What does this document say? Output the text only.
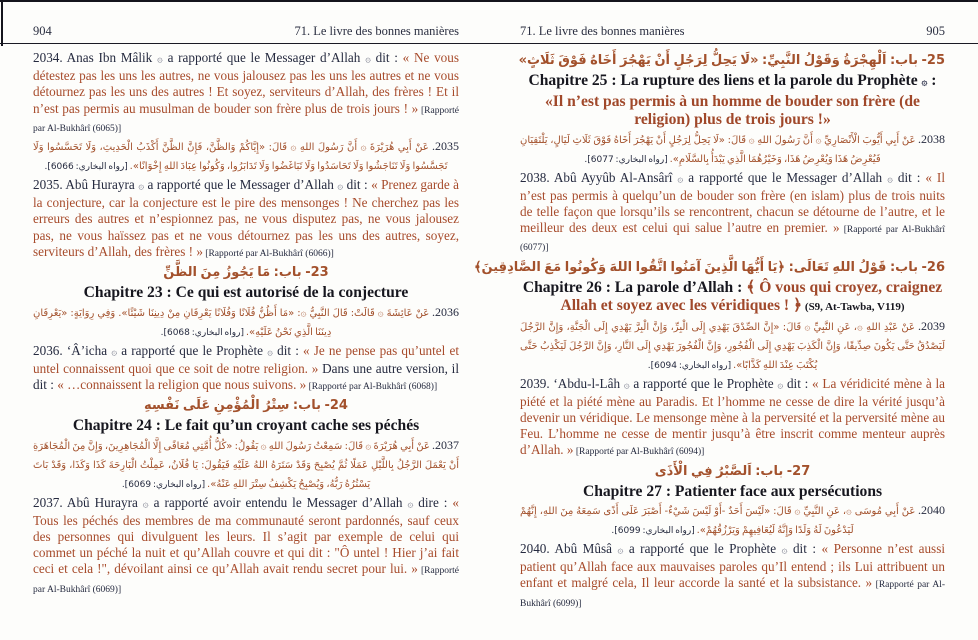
904	71. Le livre des bonnes manières

2034. Anas Ibn Mâlik ۞ a rapporté que le Messager d’Allah ۞ dit : « Ne vous détestez pas les uns les autres, ne vous jalousez pas les uns les autres et ne vous détournez pas les uns des autres ! Et soyez, serviteurs d’Allah, des frères ! Et il n’est pas permis au musulman de bouder son frère plus de trois jours ! » [Rapporté par Al-Bukhârî (6065)]

2035. عَنْ أَبِي هُرَيْرَةَ ۞ أَنَّ رَسُولَ اللهِ ۞ قَالَ: «إِيَّاكُمْ وَالظَّنَّ، فَإِنَّ الظَّنَّ أَكْذَبُ الْحَدِيثِ، وَلَا تَحَسَّسُوا وَلَا تَجَسَّسُوا وَلَا تَنَاجَشُوا وَلَا تَحَاسَدُوا وَلَا تَبَاغَضُوا وَلَا تَدَابَرُوا، وَكُونُوا عِبَادَ اللهِ إِخْوَانًا». [رواه البخاري: 6066].

2035. Abû Hurayra ۞ a rapporté que le Messager d’Allah ۞ dit : « Prenez garde à la conjecture, car la conjecture est le pire des mensonges ! Ne cherchez pas les erreurs des autres et n’espionnez pas, ne vous disputez pas, ne vous jalousez pas, ne vous haïssez pas et ne vous détournez pas les uns des autres, soyez, serviteurs d’Allah, des frères ! » [Rapporté par Al-Bukhârî (6066)]

23- باب: مَا يَجُوزُ مِنَ الظَّنِّ

Chapitre 23 : Ce qui est autorisé de la conjecture

2036. عَنْ عَائِشَةَ ۞ قَالَتْ: قَالَ النَّبِيُّ ۞: «مَا أَظُنُّ فُلَانًا وَفُلَانًا يَعْرِفَانِ مِنْ دِينِنَا شَيْئًا». وَفِي رِوَايَةٍ: «يَعْرِفَانِ دِينَنَا الَّذِي نَحْنُ عَلَيْهِ». [رواه البخاري: 6068].

2036. ‘Â’icha ۞ a rapporté que le Prophète ۞ dit : « Je ne pense pas qu’untel et untel connaissent quoi que ce soit de notre religion. » Dans une autre version, il dit : « …connaissent la religion que nous suivons. » [Rapporté par Al-Bukhârî (6068)]

24- باب: سِتْرُ الْمُؤْمِنِ عَلَى نَفْسِهِ

Chapitre 24 : Le fait qu’un croyant cache ses péchés

2037. عَنْ أَبِي هُرَيْرَةَ ۞ قَالَ: سَمِعْتُ رَسُولَ اللهِ ۞ يَقُولُ: «كُلُّ أُمَّتِي مُعَافًى إِلَّا الْمُجَاهِرِينَ، وَإِنَّ مِنَ الْمُجَاهَرَةِ أَنْ يَعْمَلَ الرَّجُلُ بِاللَّيْلِ عَمَلًا ثُمَّ يُصْبِحَ وَقَدْ سَتَرَهُ اللهُ عَلَيْهِ فَيَقُولَ: يَا فُلَانُ، عَمِلْتُ الْبَارِحَةَ كَذَا وَكَذَا، وَقَدْ بَاتَ يَسْتُرُهُ رَبُّهُ، وَيُصْبِحُ يَكْشِفُ سِتْرَ اللهِ عَنْهُ». [رواه البخاري: 6069].

2037. Abû Hurayra ۞ a rapporté avoir entendu le Messager d’Allah ۞ dire : « Tous les péchés des membres de ma communauté seront pardonnés, sauf ceux des personnes qui divulguent les leurs. Il s’agit par exemple de celui qui commet un péché la nuit et qu’Allah couvre et qui dit : "Ô untel ! Hier j’ai fait ceci et cela !", dévoilant ainsi ce qu’Allah avait rendu secret pour lui. » [Rapporté par Al-Bukhârî (6069)]

71. Le livre des bonnes manières	905

25- باب: اَلْهِجْرَةُ وَقَوْلُ النَّبِيِّ: «لَا يَحِلُّ لِرَجُلٍ أَنْ يَهْجُرَ أَخَاهُ فَوْقَ ثَلَاثٍ»

Chapitre 25 : La rupture des liens et la parole du Prophète ۞ : «Il n’est pas permis à un homme de bouder son frère (de religion) plus de trois jours !»

2038. عَنْ أَبِي أَيُّوبَ الْأَنْصَارِيِّ ۞ أَنَّ رَسُولَ اللهِ ۞ قَالَ: «لَا يَحِلُّ لِرَجُلٍ أَنْ يَهْجُرَ أَخَاهُ فَوْقَ ثَلَاثِ لَيَالٍ، يَلْتَقِيَانِ فَيُعْرِضُ هَذَا وَيُعْرِضُ هَذَا، وَخَيْرُهُمَا الَّذِي يَبْدَأُ بِالسَّلَامِ». [رواه البخاري: 6077].

2038. Abû Ayyûb Al-Ansârî ۞ a rapporté que le Messager d’Allah ۞ dit : « Il n’est pas permis à quelqu’un de bouder son frère (en islam) plus de trois nuits de telle façon que lorsqu’ils se rencontrent, chacun se détourne de l’autre, et le meilleur des deux est celui qui salue l’autre en premier. » [Rapporté par Al-Bukhârî (6077)]

26- باب: قَوْلُ اللهِ تَعَالَى: ﴿يَا أَيُّهَا الَّذِينَ آمَنُوا اتَّقُوا اللهَ وَكُونُوا مَعَ الصَّادِقِينَ﴾

Chapitre 26 : La parole d’Allah : ﴾ Ô vous qui croyez, craignez Allah et soyez avec les véridiques ! ﴿ (S9, At-Tawba, V119)

2039. عَنْ عَبْدِ اللهِ ۞، عَنِ النَّبِيِّ ۞ قَالَ: «إِنَّ الصِّدْقَ يَهْدِي إِلَى الْبِرِّ، وَإِنَّ الْبِرَّ يَهْدِي إِلَى الْجَنَّةِ، وَإِنَّ الرَّجُلَ لَيَصْدُقُ حَتَّى يَكُونَ صِدِّيقًا، وَإِنَّ الْكَذِبَ يَهْدِي إِلَى الْفُجُورِ، وَإِنَّ الْفُجُورَ يَهْدِي إِلَى النَّارِ، وَإِنَّ الرَّجُلَ لَيَكْذِبُ حَتَّى يُكْتَبَ عِنْدَ اللهِ كَذَّابًا». [رواه البخاري: 6094].

2039. ‘Abdu-l-Lâh ۞ a rapporté que le Prophète ۞ dit : « La véridicité mène à la piété et la piété mène au Paradis. Et l’homme ne cesse de dire la vérité jusqu’à devenir un véridique. Le mensonge mène à la perversité et la perversité mène au Feu. L’homme ne cesse de mentir jusqu’à être inscrit comme menteur auprès d’Allah. » [Rapporté par Al-Bukhârî (6094)]

27- باب: اَلصَّبْرُ فِي الْأَذَى

Chapitre 27 : Patienter face aux persécutions

2040. عَنْ أَبِي مُوسَى ۞، عَنِ النَّبِيِّ ۞ قَالَ: «لَيْسَ أَحَدٌ -أَوْ لَيْسَ شَيْءٌ- أَصْبَرَ عَلَى أَذًى سَمِعَهُ مِنَ اللهِ، إِنَّهُمْ لَيَدْعُونَ لَهُ وَلَدًا وَإِنَّهُ لَيُعَافِيهِمْ وَيَرْزُقُهُمْ». [رواه البخاري: 6099].

2040. Abû Mûsâ ۞ a rapporté que le Prophète ۞ dit : « Personne n’est aussi patient qu’Allah face aux mauvaises paroles qu’Il entend ; ils Lui attribuent un enfant et malgré cela, Il leur accorde la santé et la subsistance. » [Rapporté par Al-Bukhârî (6099)]
